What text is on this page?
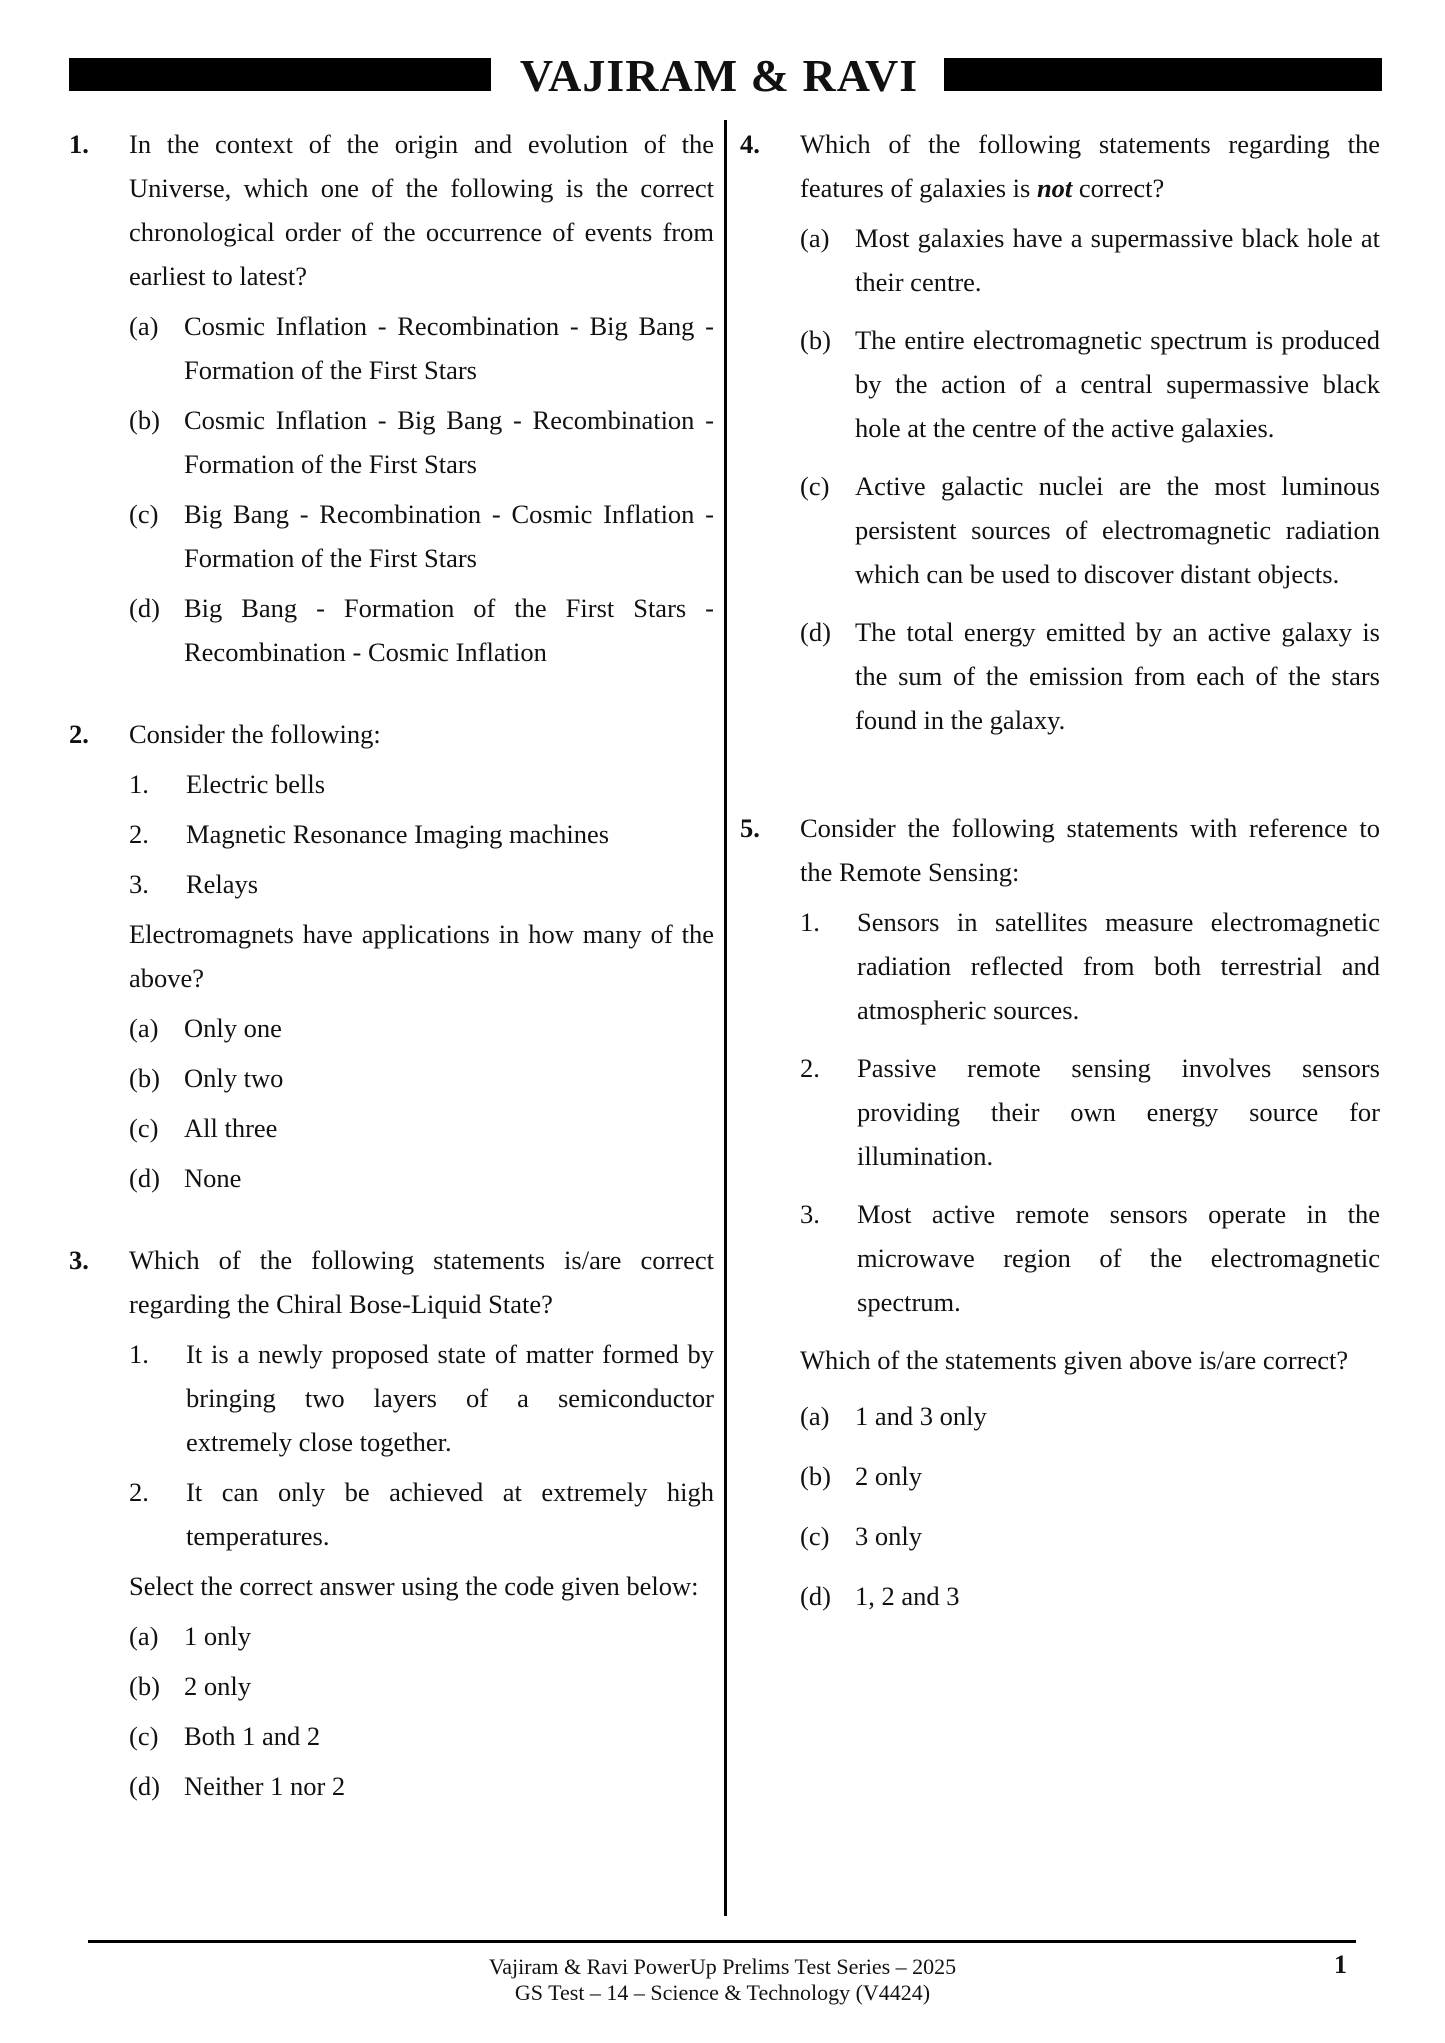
VAJIRAM & RAVI
1. In the context of the origin and evolution of the Universe, which one of the following is the correct chronological order of the occurrence of events from earliest to latest?
(a) Cosmic Inflation - Recombination - Big Bang - Formation of the First Stars
(b) Cosmic Inflation - Big Bang - Recombination - Formation of the First Stars
(c) Big Bang - Recombination - Cosmic Inflation - Formation of the First Stars
(d) Big Bang - Formation of the First Stars - Recombination - Cosmic Inflation
2. Consider the following:
1. Electric bells
2. Magnetic Resonance Imaging machines
3. Relays
Electromagnets have applications in how many of the above?
(a) Only one
(b) Only two
(c) All three
(d) None
3. Which of the following statements is/are correct regarding the Chiral Bose-Liquid State?
1. It is a newly proposed state of matter formed by bringing two layers of a semiconductor extremely close together.
2. It can only be achieved at extremely high temperatures.
Select the correct answer using the code given below:
(a) 1 only
(b) 2 only
(c) Both 1 and 2
(d) Neither 1 nor 2
4. Which of the following statements regarding the features of galaxies is not correct?
(a) Most galaxies have a supermassive black hole at their centre.
(b) The entire electromagnetic spectrum is produced by the action of a central supermassive black hole at the centre of the active galaxies.
(c) Active galactic nuclei are the most luminous persistent sources of electromagnetic radiation which can be used to discover distant objects.
(d) The total energy emitted by an active galaxy is the sum of the emission from each of the stars found in the galaxy.
5. Consider the following statements with reference to the Remote Sensing:
1. Sensors in satellites measure electromagnetic radiation reflected from both terrestrial and atmospheric sources.
2. Passive remote sensing involves sensors providing their own energy source for illumination.
3. Most active remote sensors operate in the microwave region of the electromagnetic spectrum.
Which of the statements given above is/are correct?
(a) 1 and 3 only
(b) 2 only
(c) 3 only
(d) 1, 2 and 3
Vajiram & Ravi PowerUp Prelims Test Series – 2025
GS Test – 14 – Science & Technology (V4424)
1
